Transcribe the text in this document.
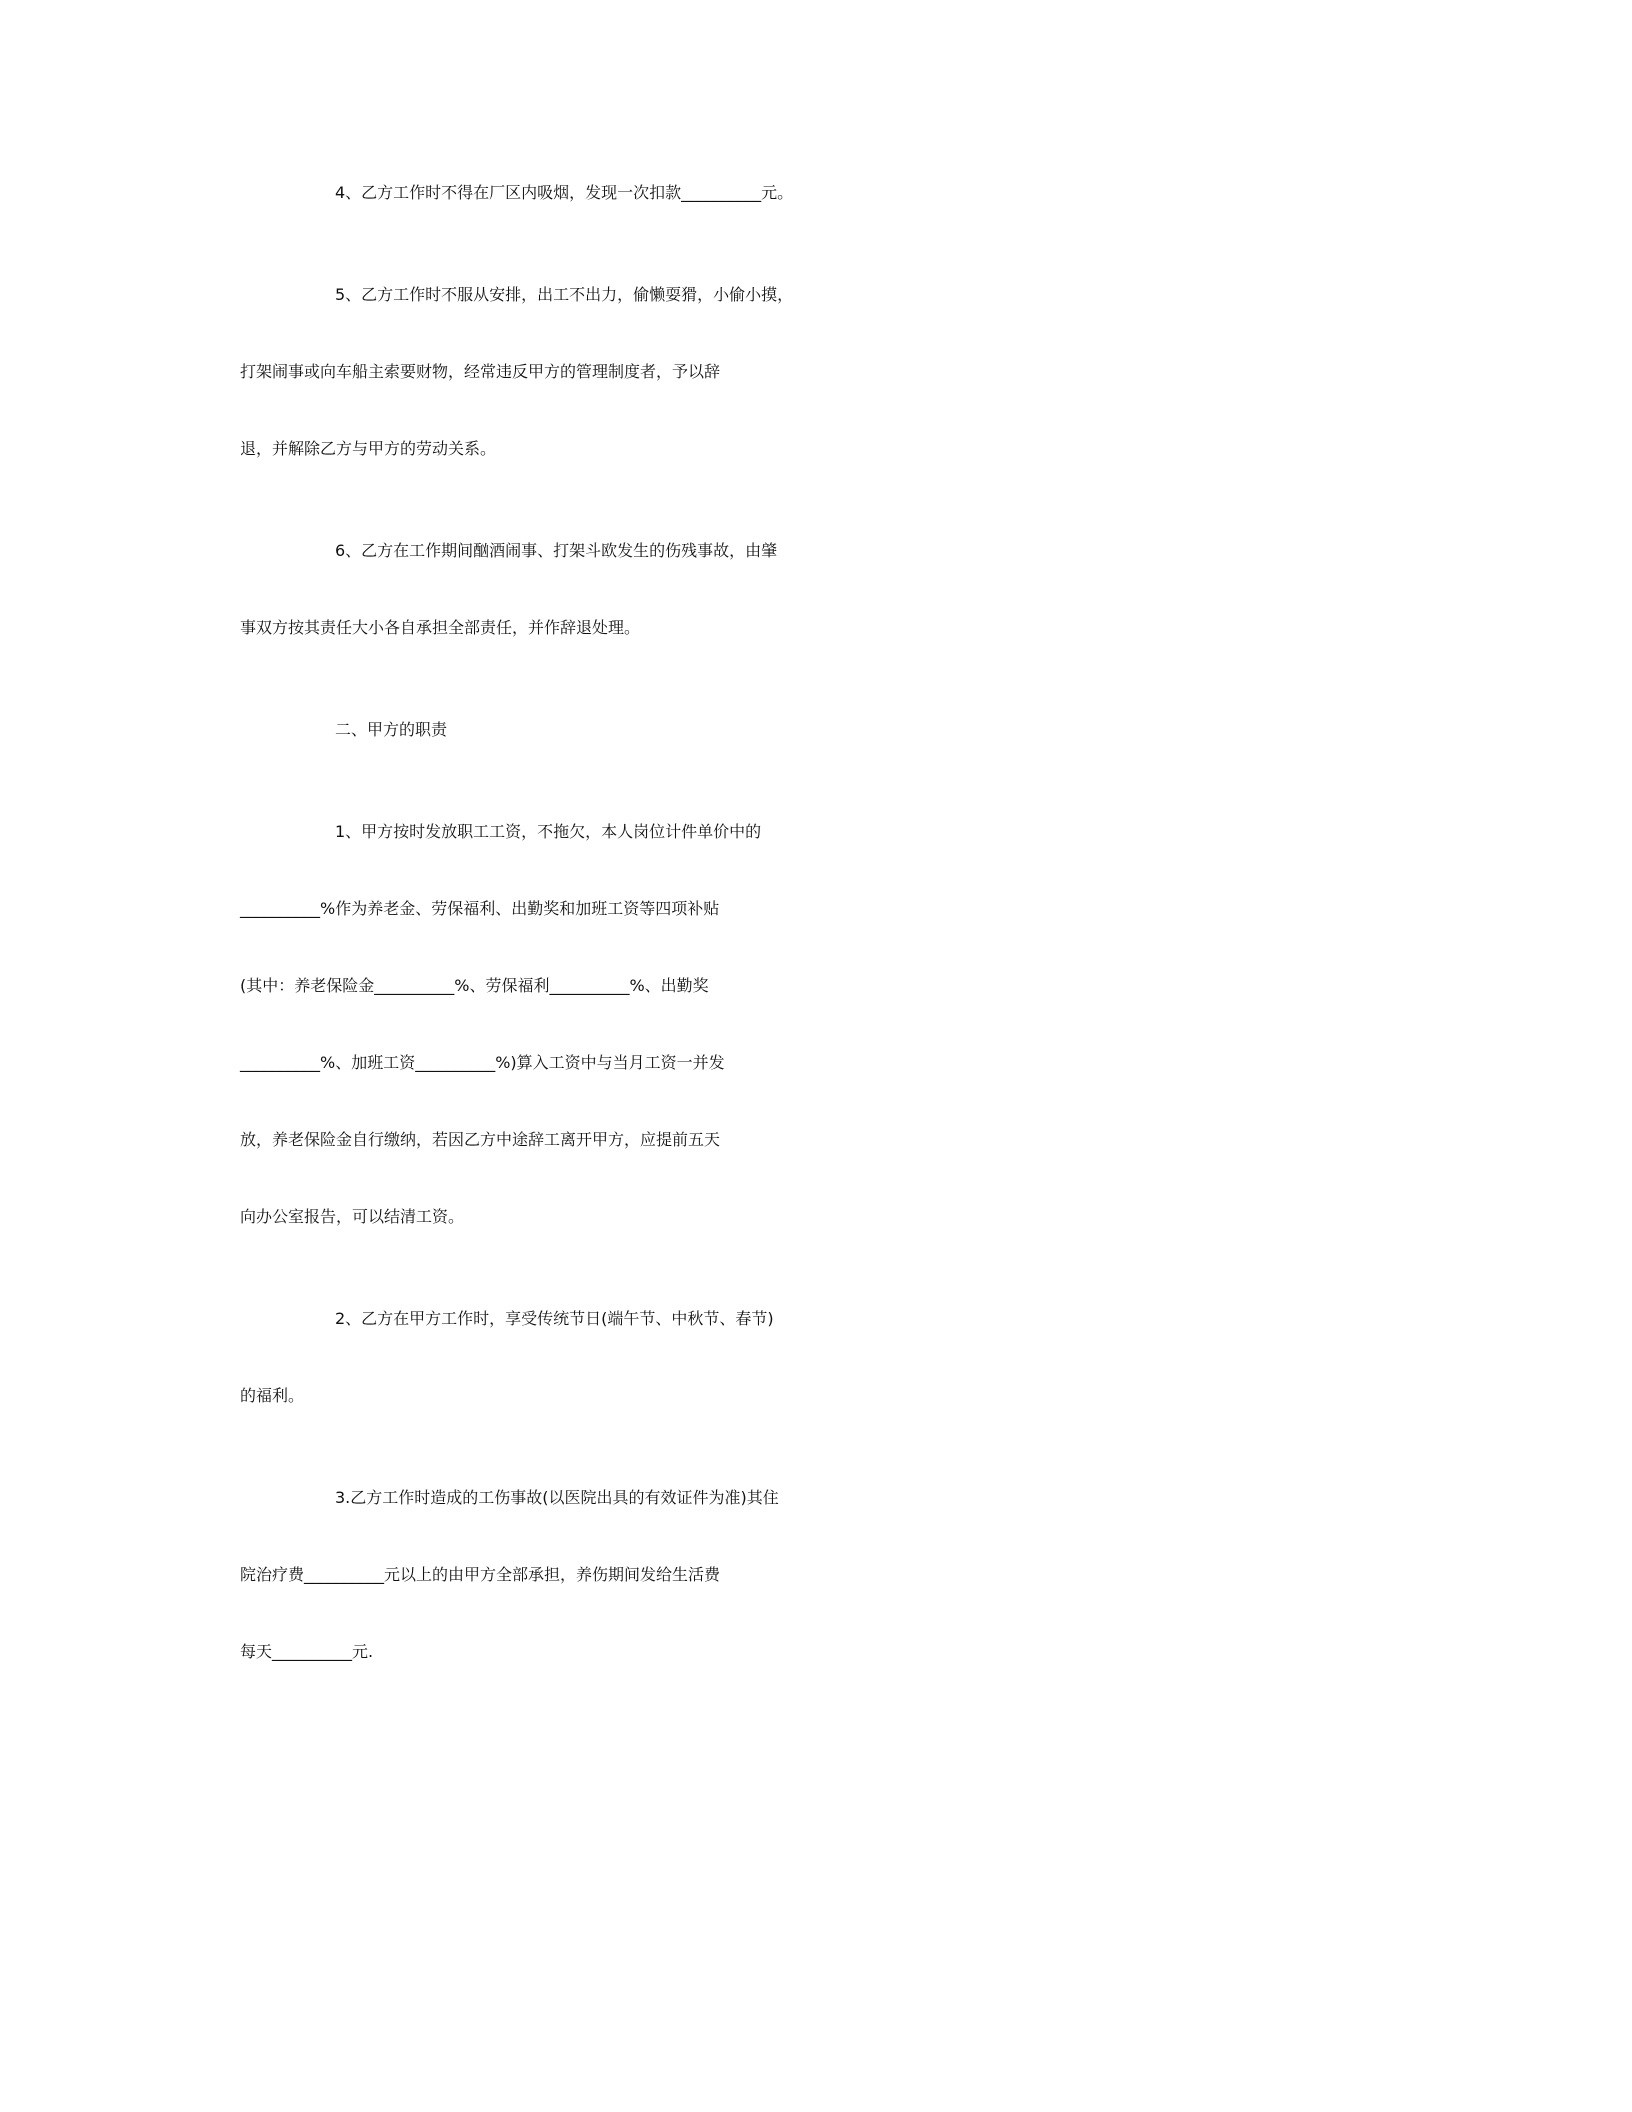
4、乙方工作时不得在厂区内吸烟，发现一次扣款__________元。
5、乙方工作时不服从安排，出工不出力，偷懒耍猾，小偷小摸，
打架闹事或向车船主索要财物，经常违反甲方的管理制度者，予以辞
退，并解除乙方与甲方的劳动关系。
6、乙方在工作期间酗酒闹事、打架斗欧发生的伤残事故，由肇
事双方按其责任大小各自承担全部责任，并作辞退处理。
二、甲方的职责
1、甲方按时发放职工工资，不拖欠，本人岗位计件单价中的
__________%作为养老金、劳保福利、出勤奖和加班工资等四项补贴
(其中：养老保险金__________%、劳保福利__________%、出勤奖
__________%、加班工资__________%)算入工资中与当月工资一并发
放，养老保险金自行缴纳，若因乙方中途辞工离开甲方，应提前五天
向办公室报告，可以结清工资。
2、乙方在甲方工作时，享受传统节日(端午节、中秋节、春节)
的福利。
3.乙方工作时造成的工伤事故(以医院出具的有效证件为准)其住
院治疗费__________元以上的由甲方全部承担，养伤期间发给生活费
每天__________元.
